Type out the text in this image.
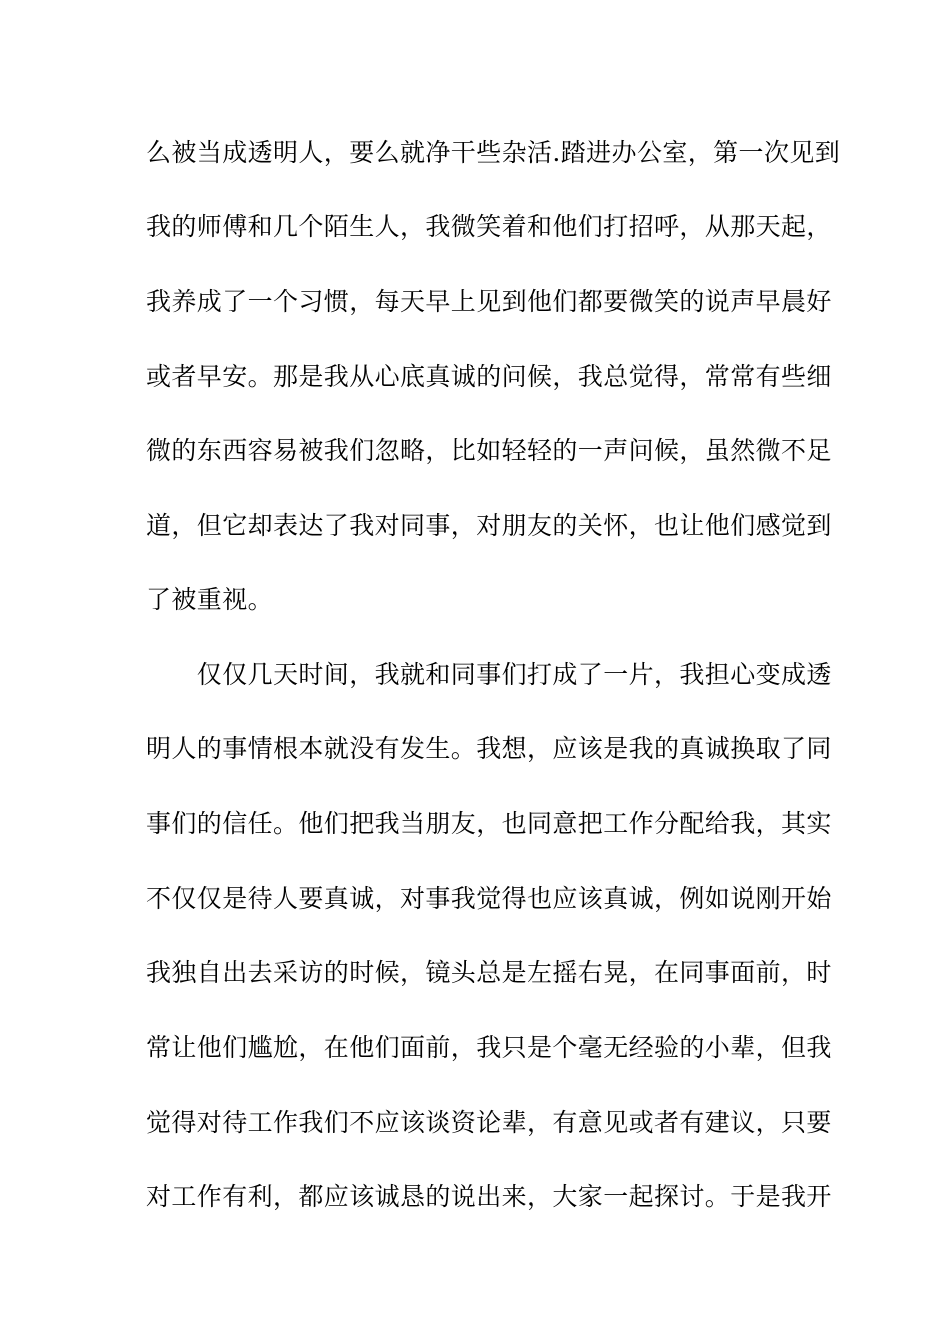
么被当成透明人，要么就净干些杂活.踏进办公室，第一次见到
我的师傅和几个陌生人，我微笑着和他们打招呼，从那天起，
我养成了一个习惯，每天早上见到他们都要微笑的说声早晨好
或者早安。那是我从心底真诚的问候，我总觉得，常常有些细
微的东西容易被我们忽略，比如轻轻的一声问候，虽然微不足
道，但它却表达了我对同事，对朋友的关怀，也让他们感觉到
了被重视。
　　仅仅几天时间，我就和同事们打成了一片，我担心变成透
明人的事情根本就没有发生。我想，应该是我的真诚换取了同
事们的信任。他们把我当朋友，也同意把工作分配给我，其实
不仅仅是待人要真诚，对事我觉得也应该真诚，例如说刚开始
我独自出去采访的时候，镜头总是左摇右晃，在同事面前，时
常让他们尴尬，在他们面前，我只是个毫无经验的小辈，但我
觉得对待工作我们不应该谈资论辈，有意见或者有建议，只要
对工作有利，都应该诚恳的说出来，大家一起探讨。于是我开
